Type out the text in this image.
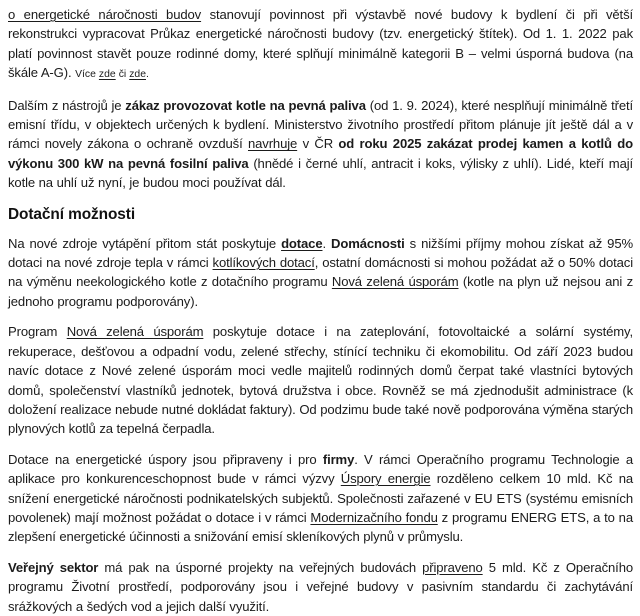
o energetické náročnosti budov stanovují povinnost při výstavbě nové budovy k bydlení či při větší rekonstrukci vypracovat Průkaz energetické náročnosti budovy (tzv. energetický štítek). Od 1. 1. 2022 pak platí povinnost stavět pouze rodinné domy, které splňují minimálně kategorii B – velmi úsporná budova (na škále A-G). Více zde či zde.

Dalším z nástrojů je zákaz provozovat kotle na pevná paliva (od 1. 9. 2024), které nesplňují minimálně třetí emisní třídu, v objektech určených k bydlení. Ministerstvo životního prostředí přitom plánuje jít ještě dál a v rámci novely zákona o ochraně ovzduší navrhuje v ČR od roku 2025 zakázat prodej kamen a kotlů do výkonu 300 kW na pevná fosilní paliva (hnědé i černé uhlí, antracit i koks, výlisky z uhlí). Lidé, kteří mají kotle na uhlí už nyní, je budou moci používat dál.

Dotační možnosti

Na nové zdroje vytápění přitom stát poskytuje dotace. Domácnosti s nižšími příjmy mohou získat až 95% dotaci na nové zdroje tepla v rámci kotlíkových dotací, ostatní domácnosti si mohou požádat až o 50% dotaci na výměnu neekologického kotle z dotačního programu Nová zelená úsporám (kotle na plyn už nejsou ani z jednoho programu podporovány).

Program Nová zelená úsporám poskytuje dotace i na zateplování, fotovoltaické a solární systémy, rekuperace, dešťovou a odpadní vodu, zelené střechy, stínící techniku či ekomobilitu. Od září 2023 budou navíc dotace z Nové zelené úsporám moci vedle majitelů rodinných domů čerpat také vlastníci bytových domů, společenství vlastníků jednotek, bytová družstva i obce. Rovněž se má zjednodušit administrace (k doložení realizace nebude nutné dokládat faktury). Od podzimu bude také nově podporována výměna starých plynových kotlů za tepelná čerpadla.

Dotace na energetické úspory jsou připraveny i pro firmy. V rámci Operačního programu Technologie a aplikace pro konkurenceschopnost bude v rámci výzvy Úspory energie rozděleno celkem 10 mld. Kč na snížení energetické náročnosti podnikatelských subjektů. Společnosti zařazené v EU ETS (systému emisních povolenek) mají možnost požádat o dotace i v rámci Modernizačního fondu z programu ENERG ETS, a to na zlepšení energetické účinnosti a snižování emisí skleníkových plynů v průmyslu.

Veřejný sektor má pak na úsporné projekty na veřejných budovách připraveno 5 mld. Kč z Operačního programu Životní prostředí, podporovány jsou i veřejné budovy v pasivním standardu či zachytávání srážkových a šedých vod a jejich další využití.
